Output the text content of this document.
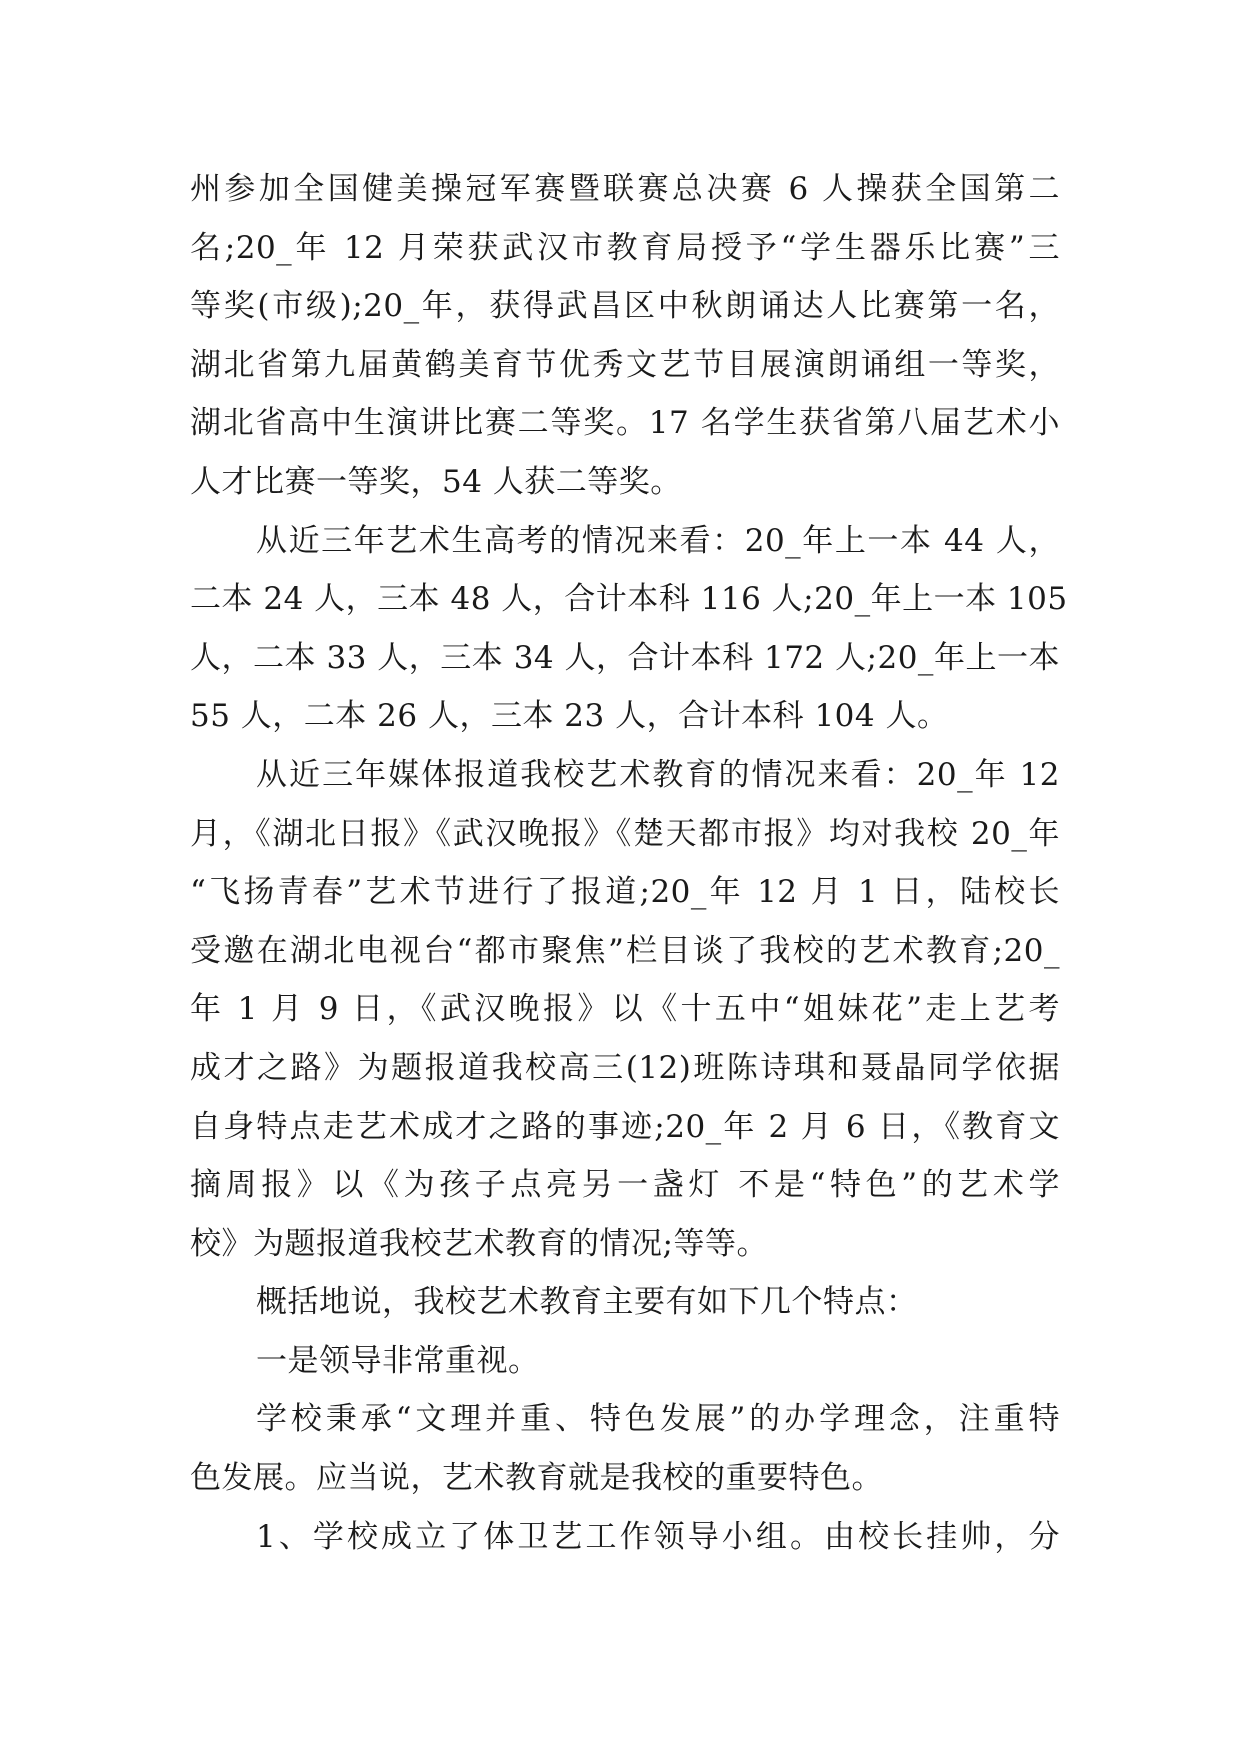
州参加全国健美操冠军赛暨联赛总决赛 6 人操获全国第二
名;20_年 12 月荣获武汉市教育局授予“学生器乐比赛”三
等奖(市级);20_年，获得武昌区中秋朗诵达人比赛第一名，
湖北省第九届黄鹤美育节优秀文艺节目展演朗诵组一等奖，
湖北省高中生演讲比赛二等奖。17 名学生获省第八届艺术小
人才比赛一等奖，54 人获二等奖。
从近三年艺术生高考的情况来看：20_年上一本 44 人，
二本 24 人，三本 48 人，合计本科 116 人;20_年上一本 105
人，二本 33 人，三本 34 人，合计本科 172 人;20_年上一本
55 人，二本 26 人，三本 23 人，合计本科 104 人。
从近三年媒体报道我校艺术教育的情况来看：20_年 12
月，《湖北日报》《武汉晚报》《楚天都市报》均对我校 20_年
“飞扬青春”艺术节进行了报道;20_年 12 月 1 日，陆校长
受邀在湖北电视台“都市聚焦”栏目谈了我校的艺术教育;20_
年 1 月 9 日，《武汉晚报》以《十五中“姐妹花”走上艺考
成才之路》为题报道我校高三(12)班陈诗琪和聂晶同学依据
自身特点走艺术成才之路的事迹;20_年 2 月 6 日，《教育文
摘周报》以《为孩子点亮另一盏灯 不是“特色”的艺术学
校》为题报道我校艺术教育的情况;等等。
概括地说，我校艺术教育主要有如下几个特点：
一是领导非常重视。
学校秉承“文理并重、特色发展”的办学理念，注重特
色发展。应当说，艺术教育就是我校的重要特色。
1、学校成立了体卫艺工作领导小组。由校长挂帅，分
